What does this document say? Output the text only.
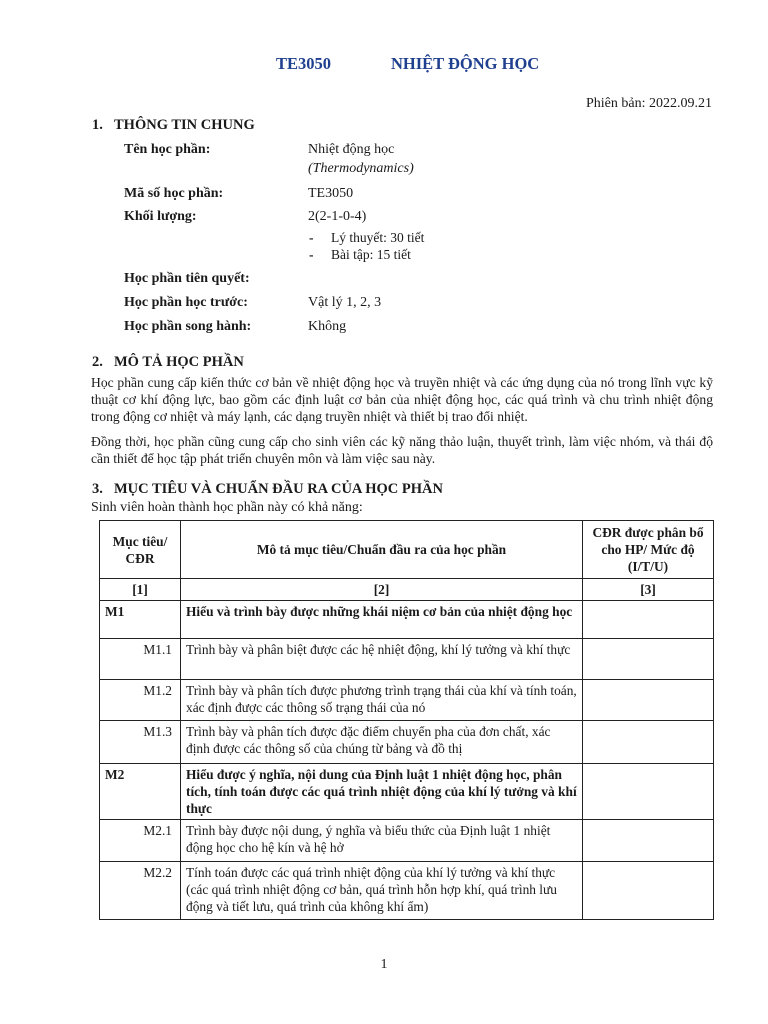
TE3050	NHIỆT ĐỘNG HỌC
Phiên bản: 2022.09.21
1. THÔNG TIN CHUNG
Tên học phần:	Nhiệt động học
(Thermodynamics)
Mã số học phần:	TE3050
Khối lượng:	2(2-1-0-4)
- Lý thuyết: 30 tiết
- Bài tập: 15 tiết
Học phần tiên quyết:
Học phần học trước:	Vật lý 1, 2, 3
Học phần song hành:	Không
2. MÔ TẢ HỌC PHẦN
Học phần cung cấp kiến thức cơ bản về nhiệt động học và truyền nhiệt và các ứng dụng của nó trong lĩnh vực kỹ thuật cơ khí động lực, bao gồm các định luật cơ bản của nhiệt động học, các quá trình và chu trình nhiệt động trong động cơ nhiệt và máy lạnh, các dạng truyền nhiệt và thiết bị trao đổi nhiệt.
Đồng thời, học phần cũng cung cấp cho sinh viên các kỹ năng thảo luận, thuyết trình, làm việc nhóm, và thái độ cần thiết để học tập phát triển chuyên môn và làm việc sau này.
3. MỤC TIÊU VÀ CHUẨN ĐẦU RA CỦA HỌC PHẦN
Sinh viên hoàn thành học phần này có khả năng:
Mục tiêu/ CĐR	Mô tả mục tiêu/Chuẩn đầu ra của học phần	CĐR được phân bổ cho HP/ Mức độ (I/T/U)
[1]	[2]	[3]
M1	Hiểu và trình bày được những khái niệm cơ bản của nhiệt động học	
M1.1	Trình bày và phân biệt được các hệ nhiệt động, khí lý tưởng và khí thực	
M1.2	Trình bày và phân tích được phương trình trạng thái của khí và tính toán, xác định được các thông số trạng thái của nó	
M1.3	Trình bày và phân tích được đặc điểm chuyển pha của đơn chất, xác định được các thông số của chúng từ bảng và đồ thị	
M2	Hiểu được ý nghĩa, nội dung của Định luật 1 nhiệt động học, phân tích, tính toán được các quá trình nhiệt động của khí lý tưởng và khí thực	
M2.1	Trình bày được nội dung, ý nghĩa và biểu thức của Định luật 1 nhiệt động học cho hệ kín và hệ hở	
M2.2	Tính toán được các quá trình nhiệt động của khí lý tưởng và khí thực (các quá trình nhiệt động cơ bản, quá trình hỗn hợp khí, quá trình lưu động và tiết lưu, quá trình của không khí ẩm)	
1
